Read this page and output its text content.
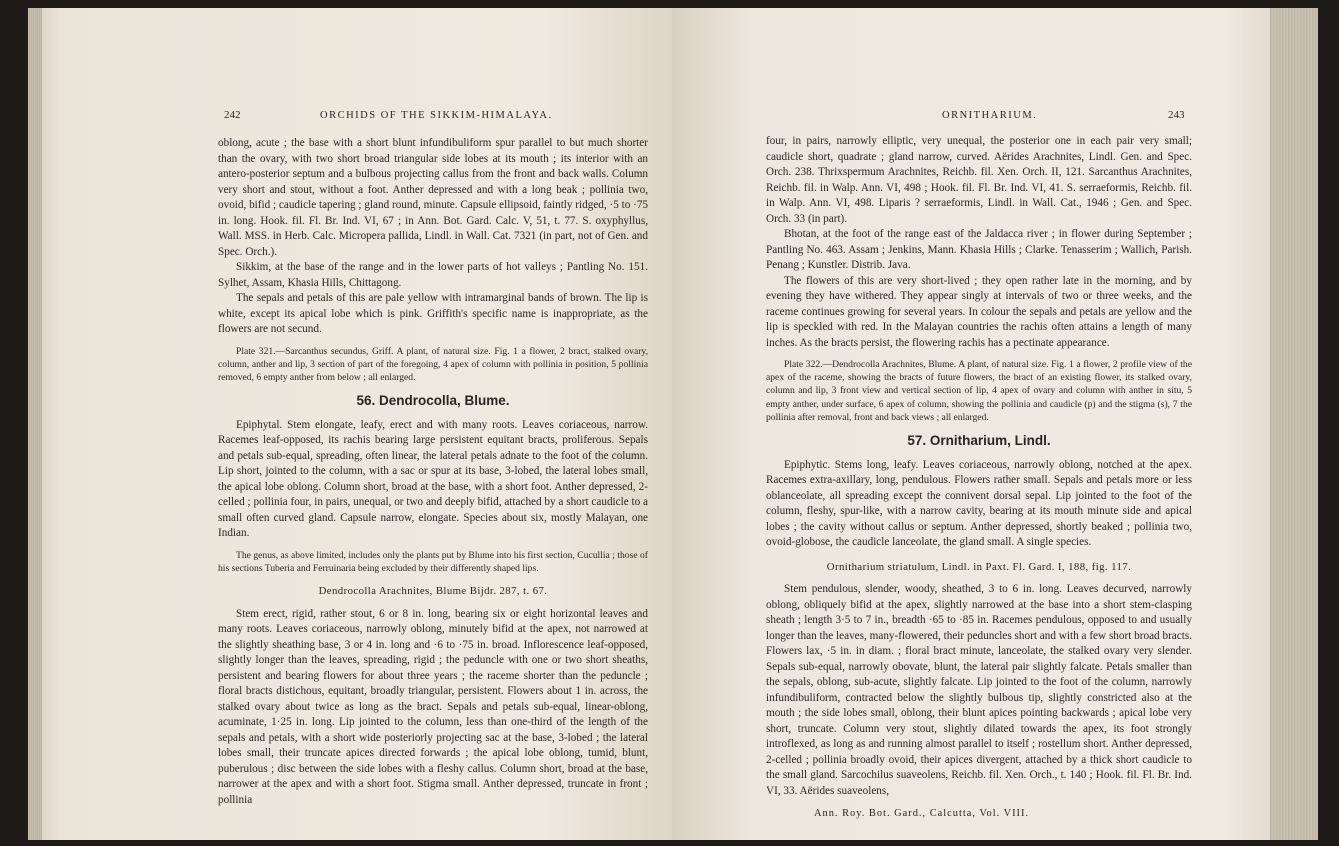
ORCHIDS OF THE SIKKIM-HIMALAYA.
242

oblong, acute ; the base with a short blunt infundibuliform spur parallel to but much shorter than the ovary, with two short broad triangular side lobes at its mouth ; its interior with an antero-posterior septum and a bulbous projecting callus from the front and back walls. Column very short and stout, without a foot. Anther depressed and with a long beak ; pollinia two, ovoid, bifid ; caudicle tapering ; gland round, minute. Capsule ellipsoid, faintly ridged, ·5 to ·75 in. long. Hook. fil. Fl. Br. Ind. VI, 67 ; in Ann. Bot. Gard. Calc. V, 51, t. 77. S. oxyphyllus, Wall. MSS. in Herb. Calc. Micropera pallida, Lindl. in Wall. Cat. 7321 (in part, not of Gen. and Spec. Orch.).

Sikkim, at the base of the range and in the lower parts of hot valleys ; Pantling No. 151. Sylhet, Assam, Khasia Hills, Chittagong.

The sepals and petals of this are pale yellow with intramarginal bands of brown. The lip is white, except its apical lobe which is pink. Griffith's specific name is inappropriate, as the flowers are not secund.

Plate 321.—Sarcanthus secundus, Griff. A plant, of natural size. Fig. 1 a flower, 2 bract, stalked ovary, column, anther and lip, 3 section of part of the foregoing, 4 apex of column with pollinia in position, 5 pollinia removed, 6 empty anther from below ; all enlarged.

56. Dendrocolla, Blume.

Epiphytal. Stem elongate, leafy, erect and with many roots. Leaves coriaceous, narrow. Racemes leaf-opposed, its rachis bearing large persistent equitant bracts, proliferous. Sepals and petals sub-equal, spreading, often linear, the lateral petals adnate to the foot of the column. Lip short, jointed to the column, with a sac or spur at its base, 3-lobed, the lateral lobes small, the apical lobe oblong. Column short, broad at the base, with a short foot. Anther depressed, 2-celled ; pollinia four, in pairs, unequal, or two and deeply bifid, attached by a short caudicle to a small often curved gland. Capsule narrow, elongate. Species about six, mostly Malayan, one Indian.

The genus, as above limited, includes only the plants put by Blume into his first section, Cucullia ; those of his sections Tuberia and Ferruinaria being excluded by their differently shaped lips.

Dendrocolla Arachnites, Blume Bijdr. 287, t. 67.

Stem erect, rigid, rather stout, 6 or 8 in. long, bearing six or eight horizontal leaves and many roots. Leaves coriaceous, narrowly oblong, minutely bifid at the apex, not narrowed at the slightly sheathing base, 3 or 4 in. long and ·6 to ·75 in. broad. Inflorescence leaf-opposed, slightly longer than the leaves, spreading, rigid ; the peduncle with one or two short sheaths, persistent and bearing flowers for about three years ; the raceme shorter than the peduncle ; floral bracts distichous, equitant, broadly triangular, persistent. Flowers about 1 in. across, the stalked ovary about twice as long as the bract. Sepals and petals sub-equal, linear-oblong, acuminate, 1·25 in. long. Lip jointed to the column, less than one-third of the length of the sepals and petals, with a short wide posteriorly projecting sac at the base, 3-lobed ; the lateral lobes small, their truncate apices directed forwards ; the apical lobe oblong, tumid, blunt, puberulous ; disc between the side lobes with a fleshy callus. Column short, broad at the base, narrower at the apex and with a short foot. Stigma small. Anther depressed, truncate in front ; pollinia

ORNITHARIUM.	243

four, in pairs, narrowly elliptic, very unequal, the posterior one in each pair very small; caudicle short, quadrate ; gland narrow, curved. Aërides Arachnites, Lindl. Gen. and Spec. Orch. 238. Thrixspermum Arachnites, Reichb. fil. Xen. Orch. II, 121. Sarcanthus Arachnites, Reichb. fil. in Walp. Ann. VI, 498 ; Hook. fil. Fl. Br. Ind. VI, 41. S. serraeformis, Reichb. fil. in Walp. Ann. VI, 498. Liparis ? serraeformis, Lindl. in Wall. Cat., 1946 ; Gen. and Spec. Orch. 33 (in part).

Bhotan, at the foot of the range east of the Jaldacca river ; in flower during September ; Pantling No. 463. Assam ; Jenkins, Mann. Khasia Hills ; Clarke. Tenasserim ; Wallich, Parish. Penang ; Kunstler. Distrib. Java.

The flowers of this are very short-lived ; they open rather late in the morning, and by evening they have withered. They appear singly at intervals of two or three weeks, and the raceme continues growing for several years. In colour the sepals and petals are yellow and the lip is speckled with red. In the Malayan countries the rachis often attains a length of many inches. As the bracts persist, the flowering rachis has a pectinate appearance.

Plate 322.—Dendrocolla Arachnites, Blume. A plant, of natural size. Fig. 1 a flower, 2 profile view of the apex of the raceme, showing the bracts of future flowers, the bract of an existing flower, its stalked ovary, column and lip, 3 front view and vertical section of lip, 4 apex of ovary and column with anther in situ, 5 empty anther, under surface, 6 apex of column, showing the pollinia and caudicle (p) and the stigma (s), 7 the pollinia after removal, front and back views ; all enlarged.

57. Ornitharium, Lindl.

Epiphytic. Stems long, leafy. Leaves coriaceous, narrowly oblong, notched at the apex. Racemes extra-axillary, long, pendulous. Flowers rather small. Sepals and petals more or less oblanceolate, all spreading except the connivent dorsal sepal. Lip jointed to the foot of the column, fleshy, spur-like, with a narrow cavity, bearing at its mouth minute side and apical lobes ; the cavity without callus or septum. Anther depressed, shortly beaked ; pollinia two, ovoid-globose, the caudicle lanceolate, the gland small. A single species.

Ornitharium striatulum, Lindl. in Paxt. Fl. Gard. I, 188, fig. 117.

Stem pendulous, slender, woody, sheathed, 3 to 6 in. long. Leaves decurved, narrowly oblong, obliquely bifid at the apex, slightly narrowed at the base into a short stem-clasping sheath ; length 3·5 to 7 in., breadth ·65 to ·85 in. Racemes pendulous, opposed to and usually longer than the leaves, many-flowered, their peduncles short and with a few short broad bracts. Flowers lax, ·5 in. in diam. ; floral bract minute, lanceolate, the stalked ovary very slender. Sepals sub-equal, narrowly obovate, blunt, the lateral pair slightly falcate. Petals smaller than the sepals, oblong, sub-acute, slightly falcate. Lip jointed to the foot of the column, narrowly infundibuliform, contracted below the slightly bulbous tip, slightly constricted also at the mouth ; the side lobes small, oblong, their blunt apices pointing backwards ; apical lobe very short, truncate. Column very stout, slightly dilated towards the apex, its foot strongly introflexed, as long as and running almost parallel to itself ; rostellum short. Anther depressed, 2-celled ; pollinia broadly ovoid, their apices divergent, attached by a thick short caudicle to the small gland. Sarcochilus suaveolens, Reichb. fil. Xen. Orch., t. 140 ; Hook. fil. Fl. Br. Ind. VI, 33. Aërides suaveolens,

Ann. Roy. Bot. Gard., Calcutta, Vol. VIII.
